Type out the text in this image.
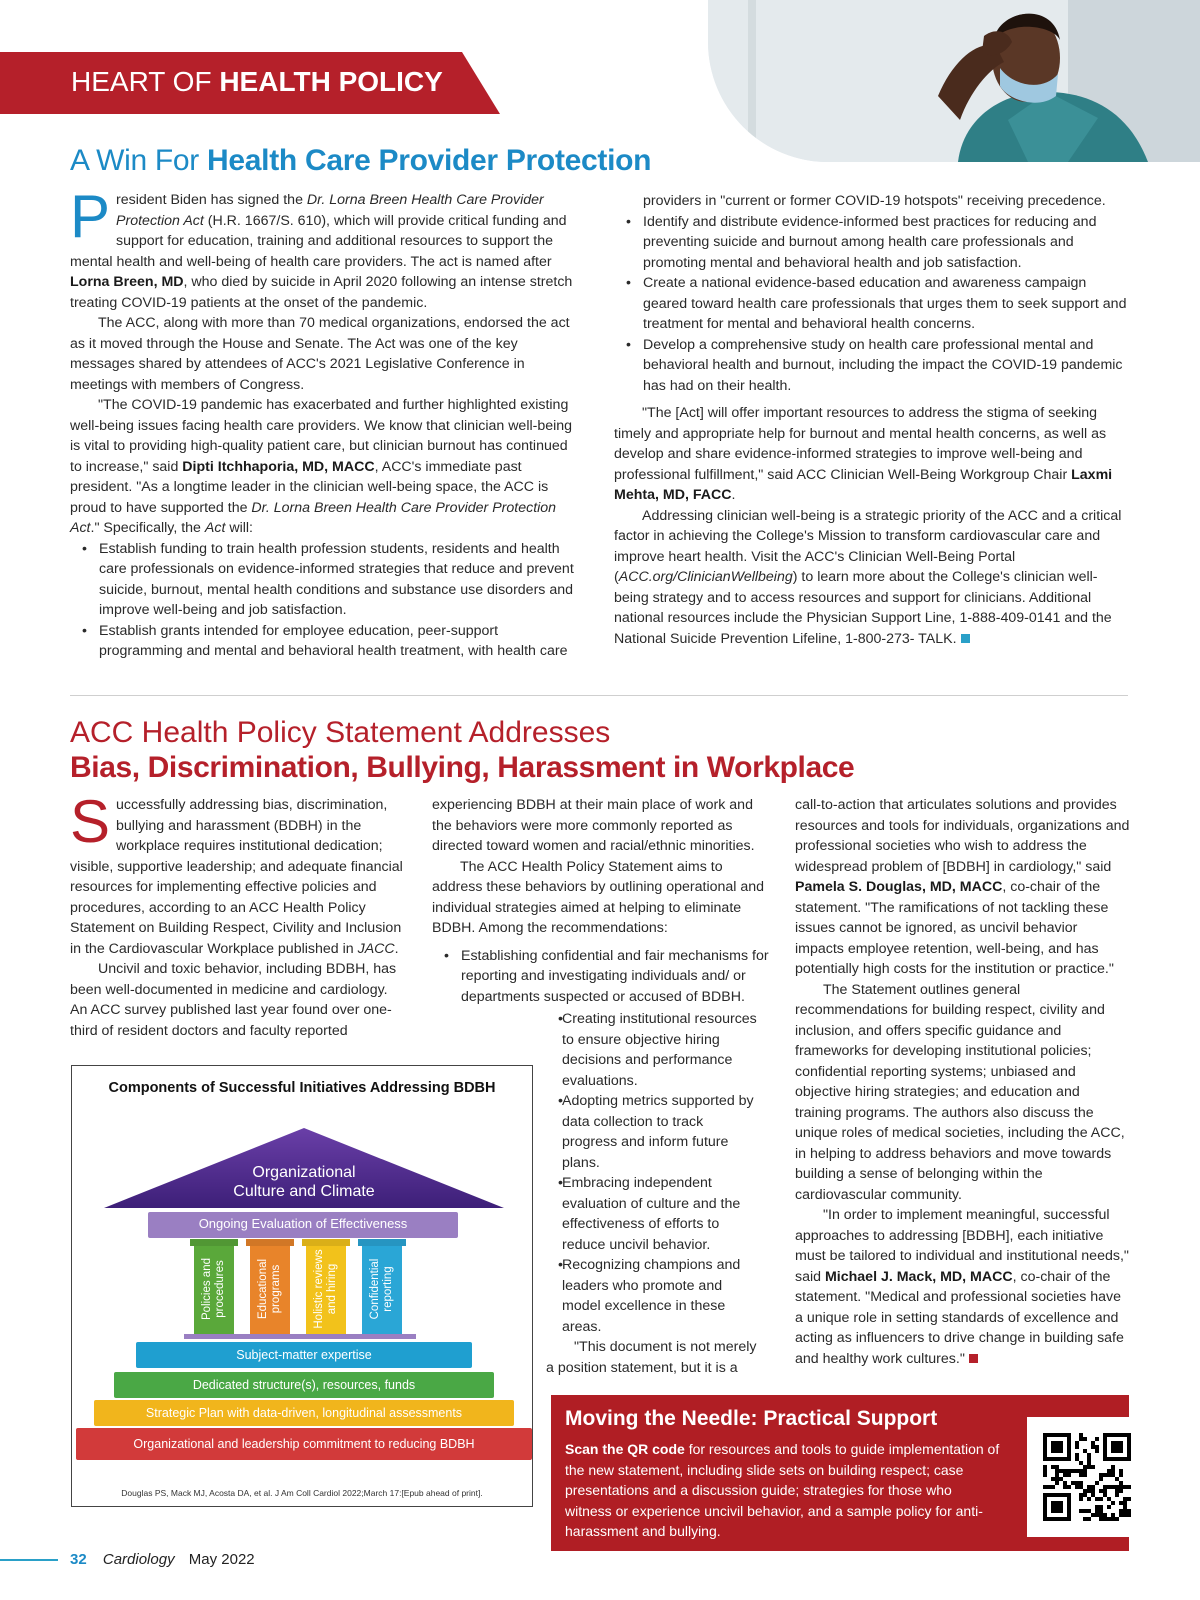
HEART OF HEALTH POLICY
A Win For Health Care Provider Protection

President Biden has signed the Dr. Lorna Breen Health Care Provider Protection Act (H.R. 1667/S. 610), which will provide critical funding and support for education, training and additional resources to support the mental health and well-being of health care providers. The act is named after Lorna Breen, MD, who died by suicide in April 2020 following an intense stretch treating COVID-19 patients at the onset of the pandemic.

The ACC, along with more than 70 medical organizations, endorsed the act as it moved through the House and Senate. The Act was one of the key messages shared by attendees of ACC's 2021 Legislative Conference in meetings with members of Congress.

"The COVID-19 pandemic has exacerbated and further highlighted existing well-being issues facing health care providers. We know that clinician well-being is vital to providing high-quality patient care, but clinician burnout has continued to increase," said Dipti Itchhaporia, MD, MACC, ACC's immediate past president. "As a longtime leader in the clinician well-being space, the ACC is proud to have supported the Dr. Lorna Breen Health Care Provider Protection Act." Specifically, the Act will:

• Establish funding to train health profession students, residents and health care professionals on evidence-informed strategies that reduce and prevent suicide, burnout, mental health conditions and substance use disorders and improve well-being and job satisfaction.

• Establish grants intended for employee education, peer-support programming and mental and behavioral health treatment, with health care

providers in "current or former COVID-19 hotspots" receiving precedence.

• Identify and distribute evidence-informed best practices for reducing and preventing suicide and burnout among health care professionals and promoting mental and behavioral health and job satisfaction.

• Create a national evidence-based education and awareness campaign geared toward health care professionals that urges them to seek support and treatment for mental and behavioral health concerns.

• Develop a comprehensive study on health care professional mental and behavioral health and burnout, including the impact the COVID-19 pandemic has had on their health.

"The [Act] will offer important resources to address the stigma of seeking timely and appropriate help for burnout and mental health concerns, as well as develop and share evidence-informed strategies to improve well-being and professional fulfillment," said ACC Clinician Well-Being Workgroup Chair Laxmi Mehta, MD, FACC.

Addressing clinician well-being is a strategic priority of the ACC and a critical factor in achieving the College's Mission to transform cardiovascular care and improve heart health. Visit the ACC's Clinician Well-Being Portal (ACC.org/ClinicianWellbeing) to learn more about the College's clinician well-being strategy and to access resources and support for clinicians. Additional national resources include the Physician Support Line, 1-888-409-0141 and the National Suicide Prevention Lifeline, 1-800-273- TALK.

ACC Health Policy Statement Addresses
Bias, Discrimination, Bullying, Harassment in Workplace

Successfully addressing bias, discrimination, bullying and harassment (BDBH) in the workplace requires institutional dedication; visible, supportive leadership; and adequate financial resources for implementing effective policies and procedures, according to an ACC Health Policy Statement on Building Respect, Civility and Inclusion in the Cardiovascular Workplace published in JACC.

Uncivil and toxic behavior, including BDBH, has been well-documented in medicine and cardiology. An ACC survey published last year found over one-third of resident doctors and faculty reported

experiencing BDBH at their main place of work and the behaviors were more commonly reported as directed toward women and racial/ethnic minorities.

The ACC Health Policy Statement aims to address these behaviors by outlining operational and individual strategies aimed at helping to eliminate BDBH. Among the recommendations:

• Establishing confidential and fair mechanisms for reporting and investigating individuals and/ or departments suspected or accused of BDBH.

• Creating institutional resources to ensure objective hiring decisions and performance evaluations.

• Adopting metrics supported by data collection to track progress and inform future plans.

• Embracing independent evaluation of culture and the effectiveness of efforts to reduce uncivil behavior.

• Recognizing champions and leaders who promote and model excellence in these areas.

"This document is not merely a position statement, but it is a

call-to-action that articulates solutions and provides resources and tools for individuals, organizations and professional societies who wish to address the widespread problem of [BDBH] in cardiology," said Pamela S. Douglas, MD, MACC, co-chair of the statement. "The ramifications of not tackling these issues cannot be ignored, as uncivil behavior impacts employee retention, well-being, and has potentially high costs for the institution or practice."

The Statement outlines general recommendations for building respect, civility and inclusion, and offers specific guidance and frameworks for developing institutional policies; confidential reporting systems; unbiased and objective hiring strategies; and education and training programs. The authors also discuss the unique roles of medical societies, including the ACC, in helping to address behaviors and move towards building a sense of belonging within the cardiovascular community.

"In order to implement meaningful, successful approaches to addressing [BDBH], each initiative must be tailored to individual and institutional needs," said Michael J. Mack, MD, MACC, co-chair of the statement. "Medical and professional societies have a unique role in setting standards of excellence and acting as influencers to drive change in building safe and healthy work cultures."

Components of Successful Initiatives Addressing BDBH
Organizational
Culture and Climate
Ongoing Evaluation of Effectiveness
Policies and procedures	Educational programs	Holistic reviews and hiring	Confidential reporting
Subject-matter expertise
Dedicated structure(s), resources, funds
Strategic Plan with data-driven, longitudinal assessments
Organizational and leadership commitment to reducing BDBH
Douglas PS, Mack MJ, Acosta DA, et al. J Am Coll Cardiol 2022;March 17:[Epub ahead of print].
Moving the Needle: Practical Support
Scan the QR code for resources and tools to guide implementation of the new statement, including slide sets on building respect; case presentations and a discussion guide; strategies for those who witness or experience uncivil behavior, and a sample policy for anti-harassment and bullying.
32 Cardiology May 2022
